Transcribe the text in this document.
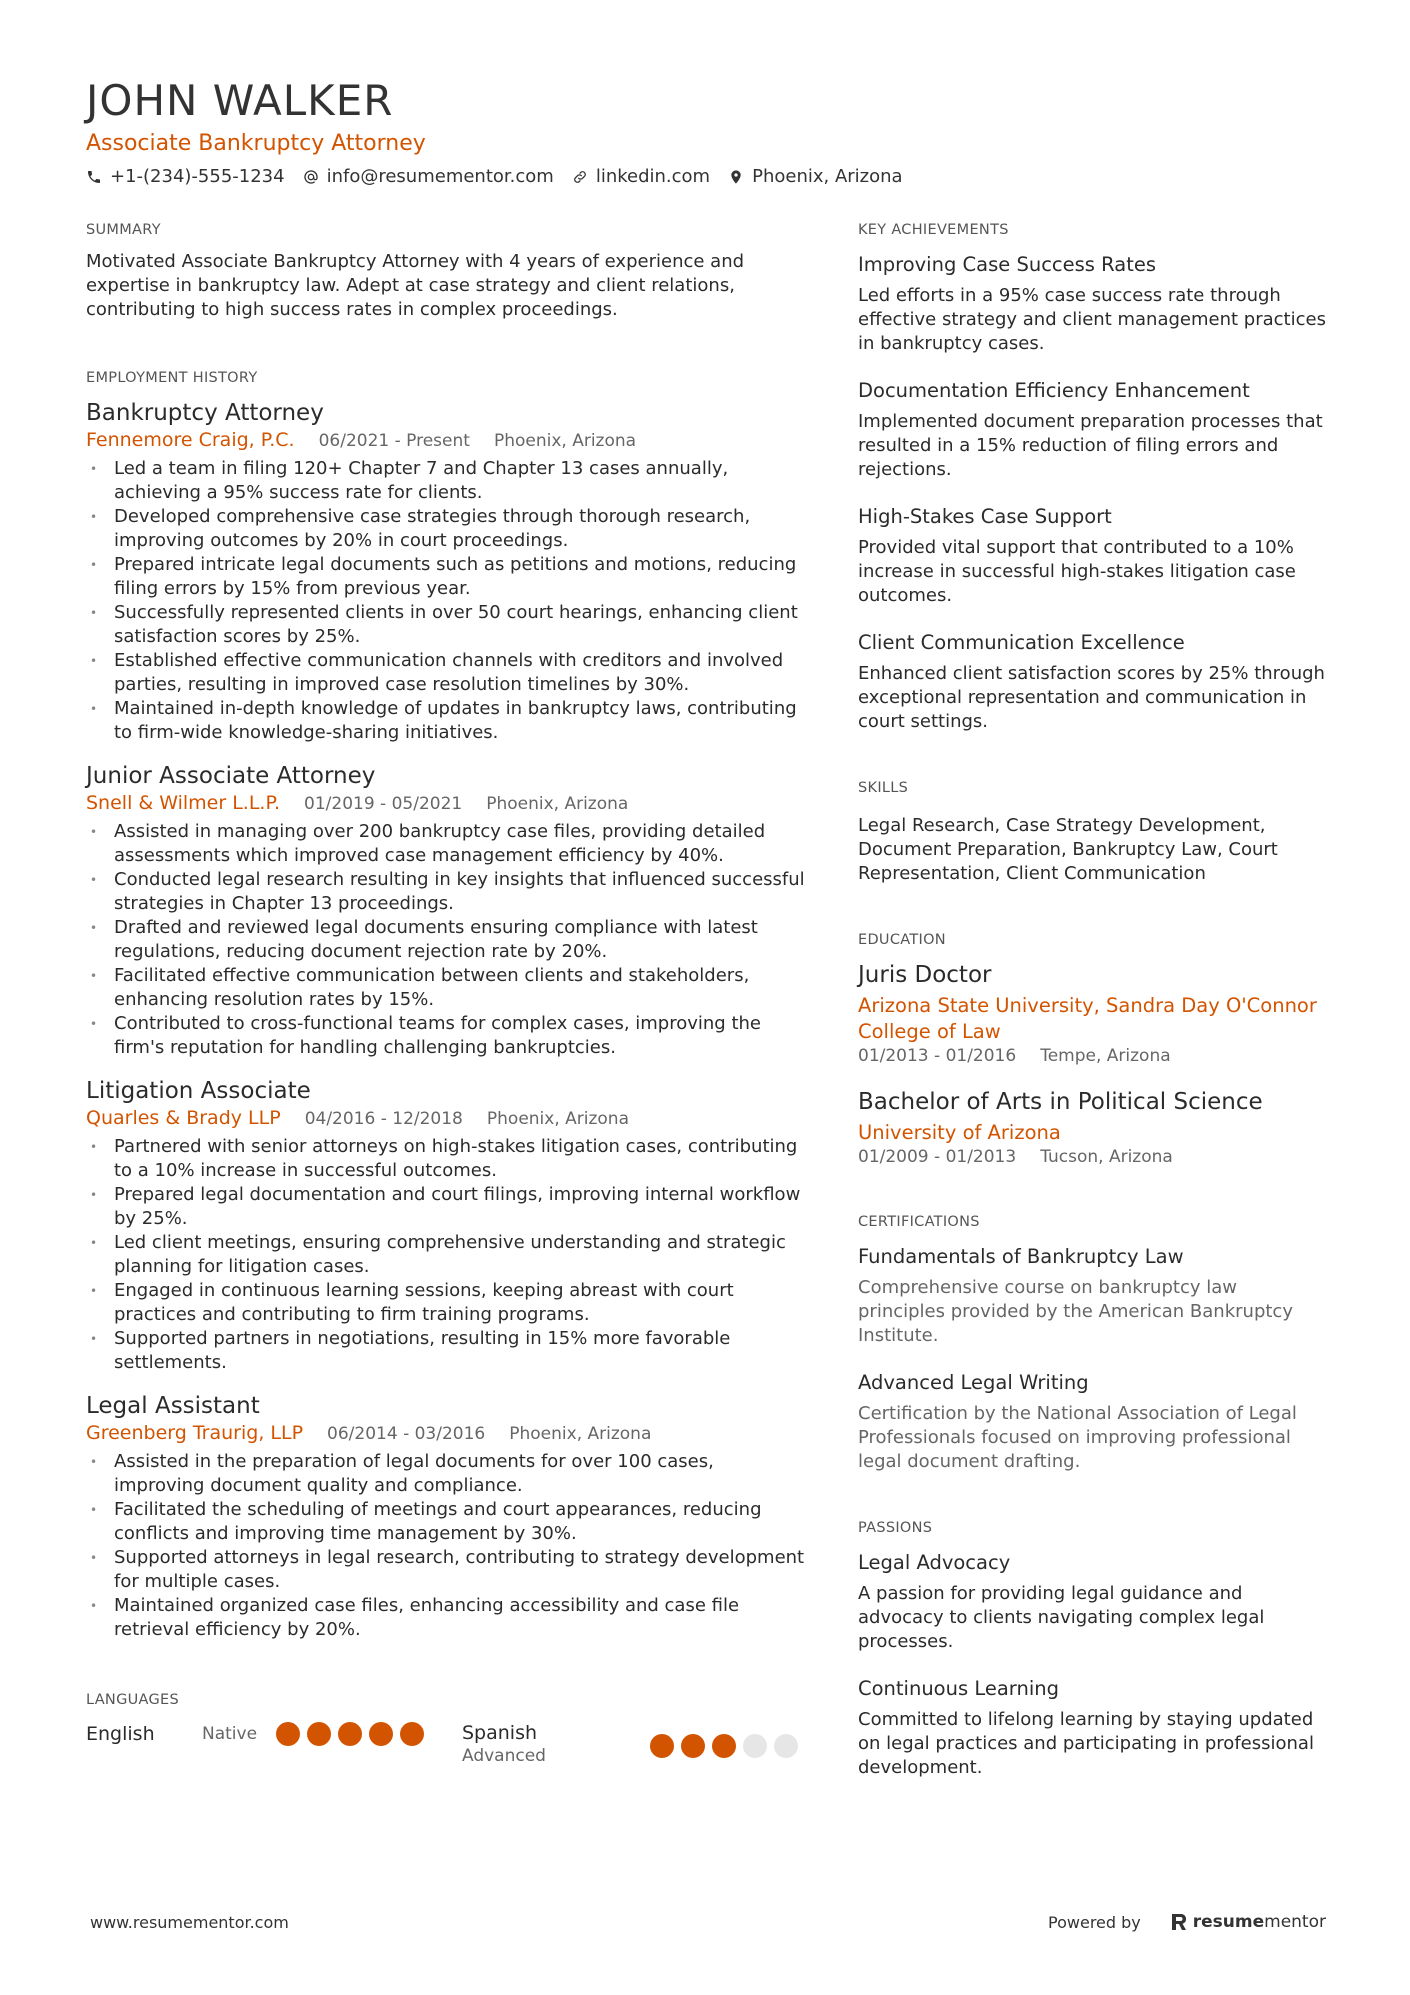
JOHN WALKER
Associate Bankruptcy Attorney
+1-(234)-555-1234 info@resumementor.com linkedin.com Phoenix, Arizona
SUMMARY
Motivated Associate Bankruptcy Attorney with 4 years of experience and expertise in bankruptcy law. Adept at case strategy and client relations, contributing to high success rates in complex proceedings.
EMPLOYMENT HISTORY
Bankruptcy Attorney
Fennemore Craig, P.C. 06/2021 - Present Phoenix, Arizona
• Led a team in filing 120+ Chapter 7 and Chapter 13 cases annually, achieving a 95% success rate for clients.
• Developed comprehensive case strategies through thorough research, improving outcomes by 20% in court proceedings.
• Prepared intricate legal documents such as petitions and motions, reducing filing errors by 15% from previous year.
• Successfully represented clients in over 50 court hearings, enhancing client satisfaction scores by 25%.
• Established effective communication channels with creditors and involved parties, resulting in improved case resolution timelines by 30%.
• Maintained in-depth knowledge of updates in bankruptcy laws, contributing to firm-wide knowledge-sharing initiatives.
Junior Associate Attorney
Snell & Wilmer L.L.P. 01/2019 - 05/2021 Phoenix, Arizona
• Assisted in managing over 200 bankruptcy case files, providing detailed assessments which improved case management efficiency by 40%.
• Conducted legal research resulting in key insights that influenced successful strategies in Chapter 13 proceedings.
• Drafted and reviewed legal documents ensuring compliance with latest regulations, reducing document rejection rate by 20%.
• Facilitated effective communication between clients and stakeholders, enhancing resolution rates by 15%.
• Contributed to cross-functional teams for complex cases, improving the firm's reputation for handling challenging bankruptcies.
Litigation Associate
Quarles & Brady LLP 04/2016 - 12/2018 Phoenix, Arizona
• Partnered with senior attorneys on high-stakes litigation cases, contributing to a 10% increase in successful outcomes.
• Prepared legal documentation and court filings, improving internal workflow by 25%.
• Led client meetings, ensuring comprehensive understanding and strategic planning for litigation cases.
• Engaged in continuous learning sessions, keeping abreast with court practices and contributing to firm training programs.
• Supported partners in negotiations, resulting in 15% more favorable settlements.
Legal Assistant
Greenberg Traurig, LLP 06/2014 - 03/2016 Phoenix, Arizona
• Assisted in the preparation of legal documents for over 100 cases, improving document quality and compliance.
• Facilitated the scheduling of meetings and court appearances, reducing conflicts and improving time management by 30%.
• Supported attorneys in legal research, contributing to strategy development for multiple cases.
• Maintained organized case files, enhancing accessibility and case file retrieval efficiency by 20%.
LANGUAGES
English	Native	Spanish
Advanced
KEY ACHIEVEMENTS
Improving Case Success Rates
Led efforts in a 95% case success rate through effective strategy and client management practices in bankruptcy cases.
Documentation Efficiency Enhancement
Implemented document preparation processes that resulted in a 15% reduction of filing errors and rejections.
High-Stakes Case Support
Provided vital support that contributed to a 10% increase in successful high-stakes litigation case outcomes.
Client Communication Excellence
Enhanced client satisfaction scores by 25% through exceptional representation and communication in court settings.
SKILLS
Legal Research, Case Strategy Development, Document Preparation, Bankruptcy Law, Court Representation, Client Communication
EDUCATION
Juris Doctor
Arizona State University, Sandra Day O'Connor College of Law
01/2013 - 01/2016 Tempe, Arizona
Bachelor of Arts in Political Science
University of Arizona
01/2009 - 01/2013 Tucson, Arizona
CERTIFICATIONS
Fundamentals of Bankruptcy Law
Comprehensive course on bankruptcy law principles provided by the American Bankruptcy Institute.
Advanced Legal Writing
Certification by the National Association of Legal Professionals focused on improving professional legal document drafting.
PASSIONS
Legal Advocacy
A passion for providing legal guidance and advocacy to clients navigating complex legal processes.
Continuous Learning
Committed to lifelong learning by staying updated on legal practices and participating in professional development.
www.resumementor.com	Powered by	resume mentor
